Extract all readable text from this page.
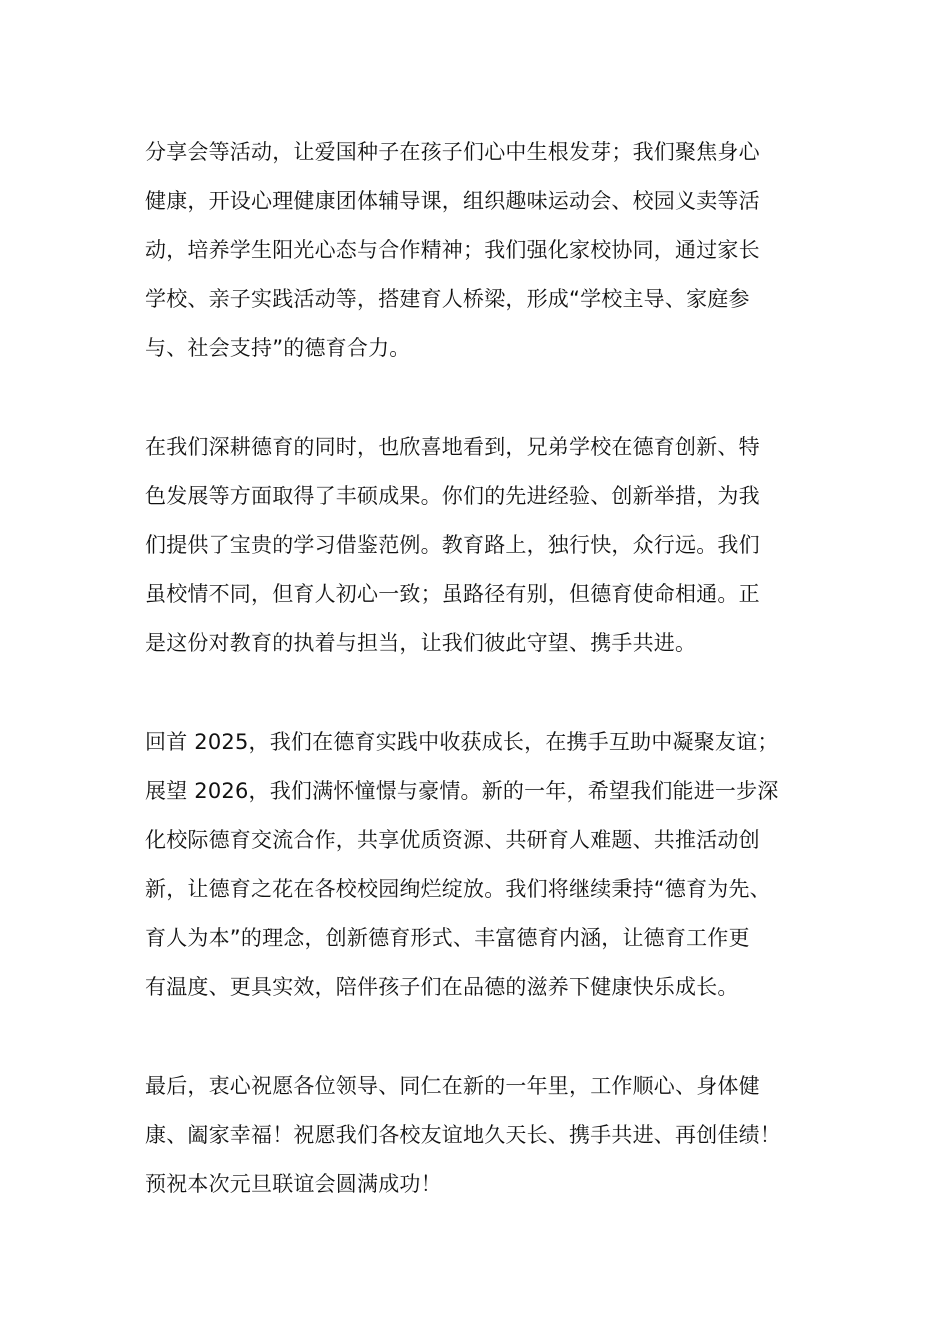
分享会等活动，让爱国种子在孩子们心中生根发芽；我们聚焦身心
健康，开设心理健康团体辅导课，组织趣味运动会、校园义卖等活
动，培养学生阳光心态与合作精神；我们强化家校协同，通过家长
学校、亲子实践活动等，搭建育人桥梁，形成“学校主导、家庭参
与、社会支持”的德育合力。
在我们深耕德育的同时，也欣喜地看到，兄弟学校在德育创新、特
色发展等方面取得了丰硕成果。你们的先进经验、创新举措，为我
们提供了宝贵的学习借鉴范例。教育路上，独行快，众行远。我们
虽校情不同，但育人初心一致；虽路径有别，但德育使命相通。正
是这份对教育的执着与担当，让我们彼此守望、携手共进。
回首 2025，我们在德育实践中收获成长，在携手互助中凝聚友谊；
展望 2026，我们满怀憧憬与豪情。新的一年，希望我们能进一步深
化校际德育交流合作，共享优质资源、共研育人难题、共推活动创
新，让德育之花在各校校园绚烂绽放。我们将继续秉持“德育为先、
育人为本”的理念，创新德育形式、丰富德育内涵，让德育工作更
有温度、更具实效，陪伴孩子们在品德的滋养下健康快乐成长。
最后，衷心祝愿各位领导、同仁在新的一年里，工作顺心、身体健
康、阖家幸福！祝愿我们各校友谊地久天长、携手共进、再创佳绩！
预祝本次元旦联谊会圆满成功！
